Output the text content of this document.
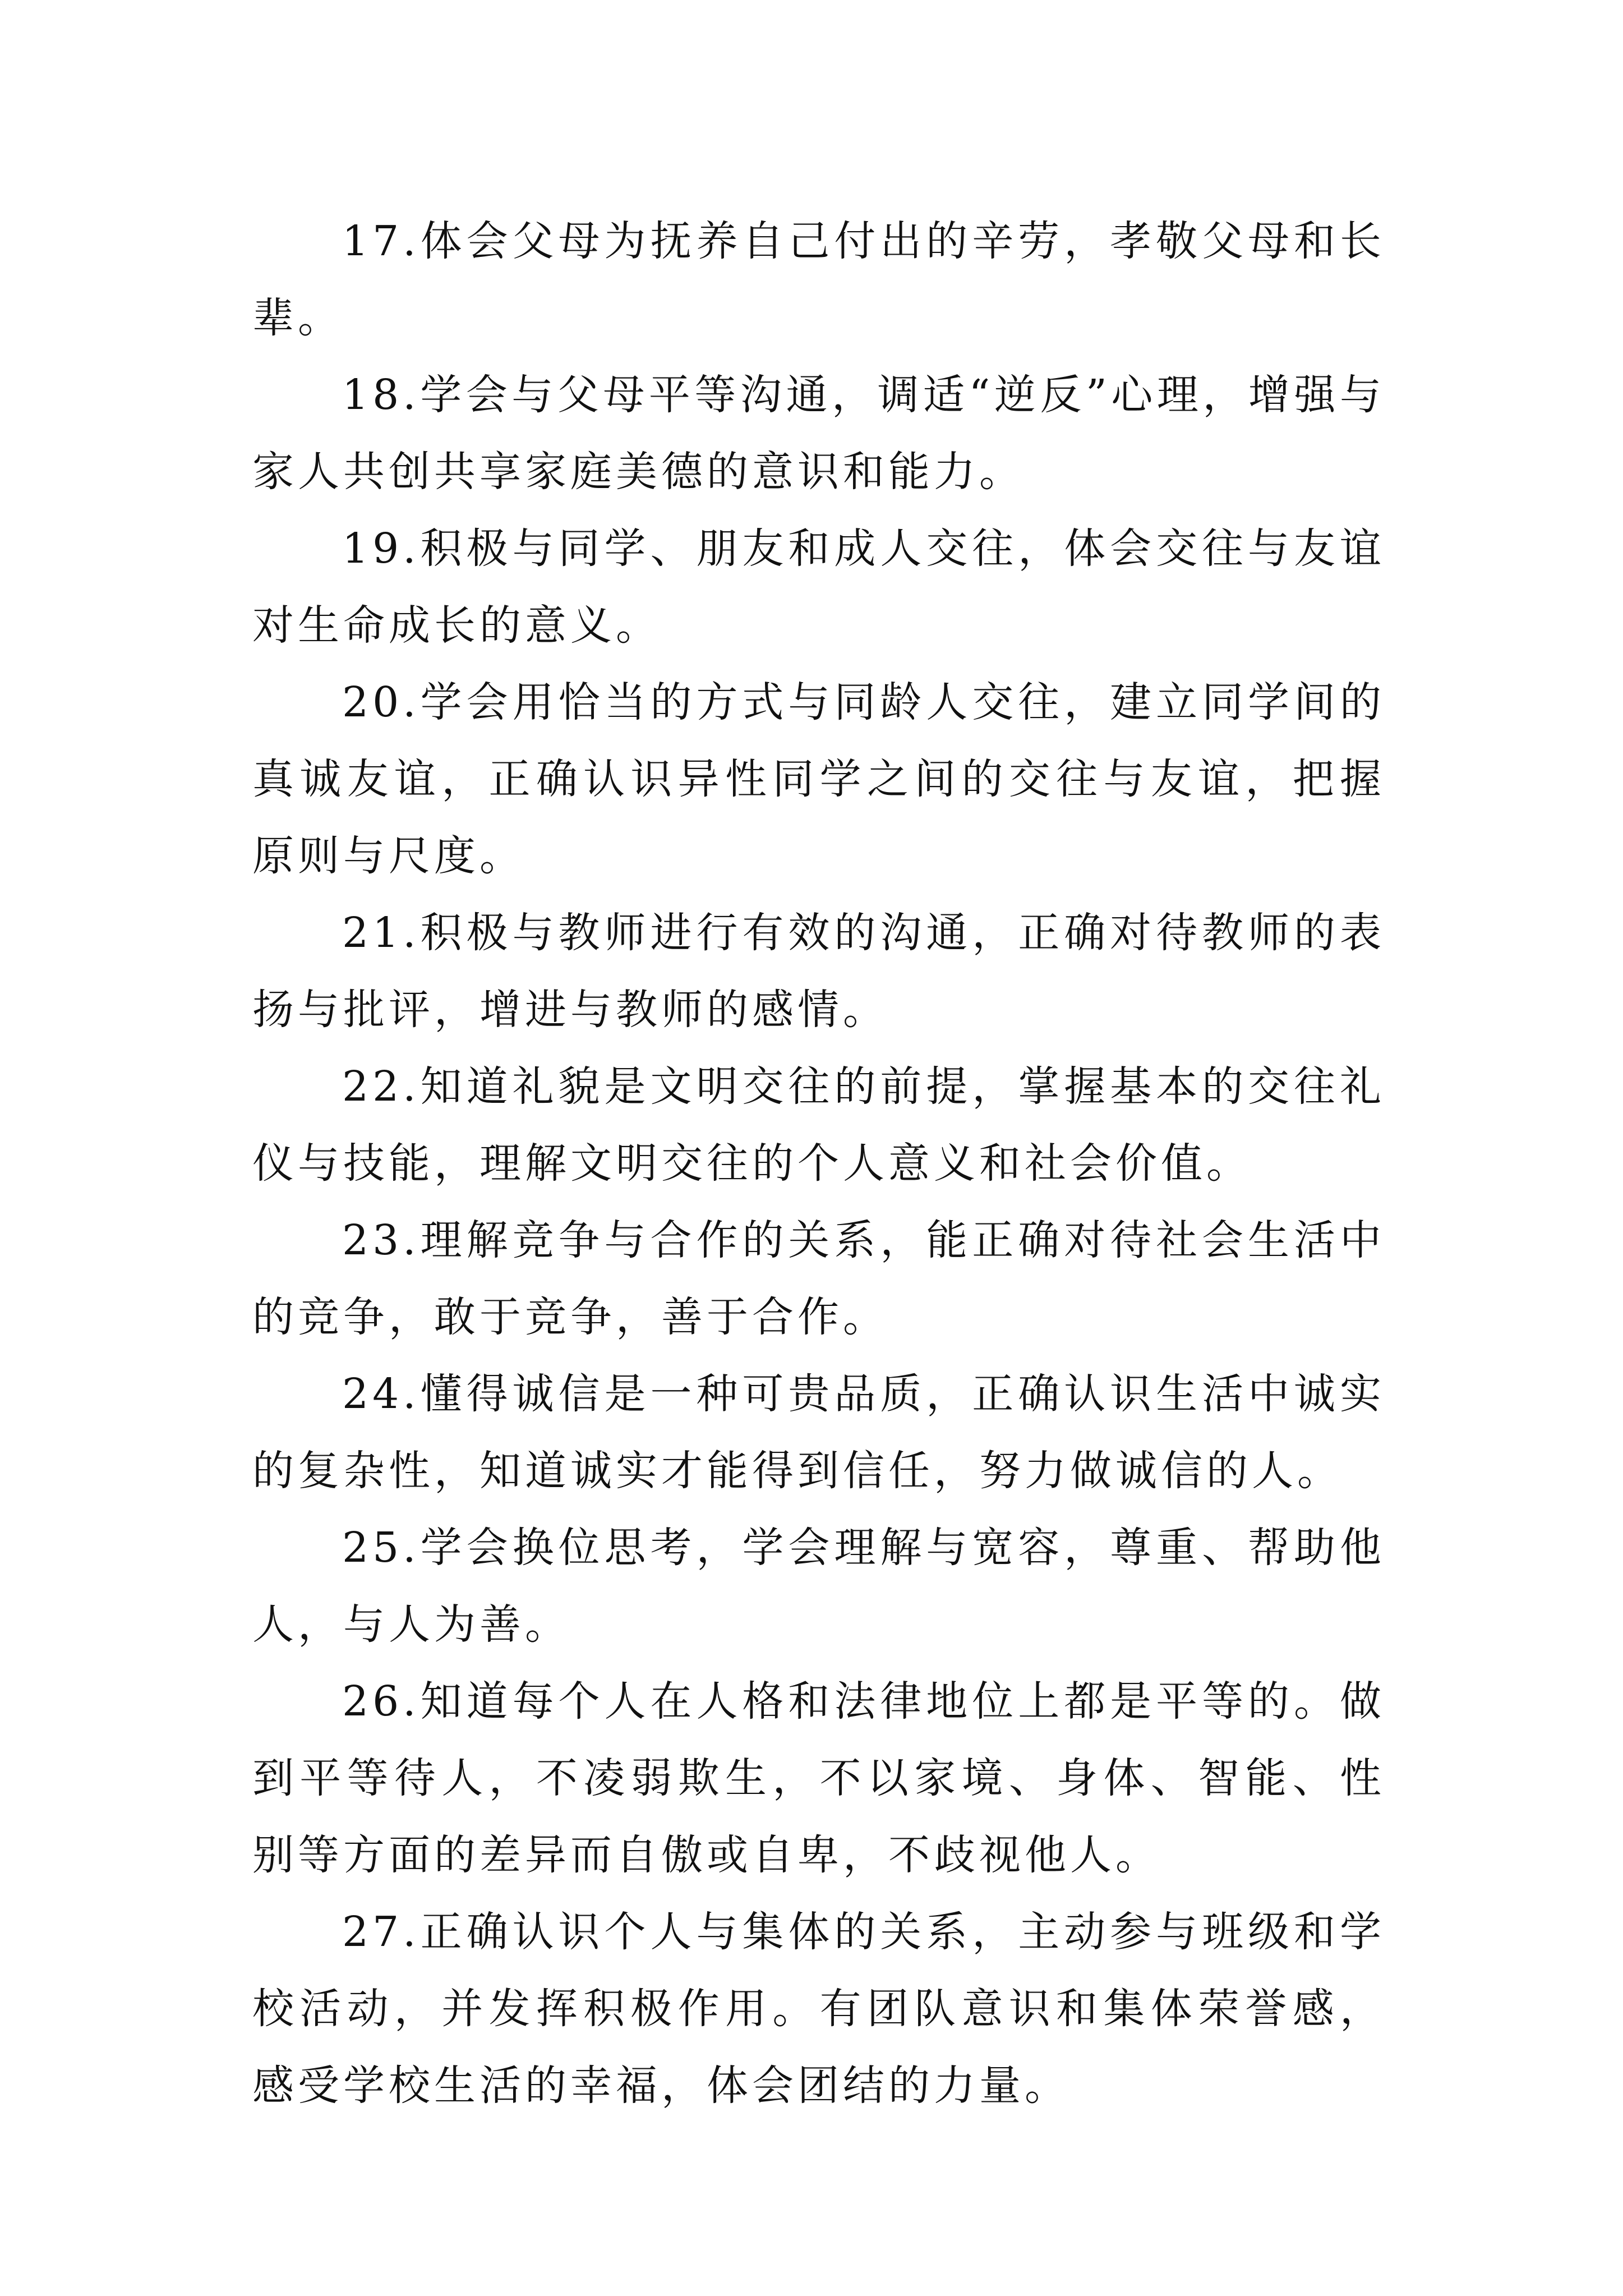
17.体会父母为抚养自己付出的辛劳，孝敬父母和长辈。

18.学会与父母平等沟通，调适“逆反”心理，增强与家人共创共享家庭美德的意识和能力。

19.积极与同学、朋友和成人交往，体会交往与友谊对生命成长的意义。

20.学会用恰当的方式与同龄人交往，建立同学间的真诚友谊，正确认识异性同学之间的交往与友谊，把握原则与尺度。

21.积极与教师进行有效的沟通，正确对待教师的表扬与批评，增进与教师的感情。

22.知道礼貌是文明交往的前提，掌握基本的交往礼仪与技能，理解文明交往的个人意义和社会价值。

23.理解竞争与合作的关系，能正确对待社会生活中的竞争，敢于竞争，善于合作。

24.懂得诚信是一种可贵品质，正确认识生活中诚实的复杂性，知道诚实才能得到信任，努力做诚信的人。

25.学会换位思考，学会理解与宽容，尊重、帮助他人，与人为善。

26.知道每个人在人格和法律地位上都是平等的。做到平等待人，不凌弱欺生，不以家境、身体、智能、性别等方面的差异而自傲或自卑，不歧视他人。

27.正确认识个人与集体的关系，主动参与班级和学校活动，并发挥积极作用。有团队意识和集体荣誉感，感受学校生活的幸福，体会团结的力量。
